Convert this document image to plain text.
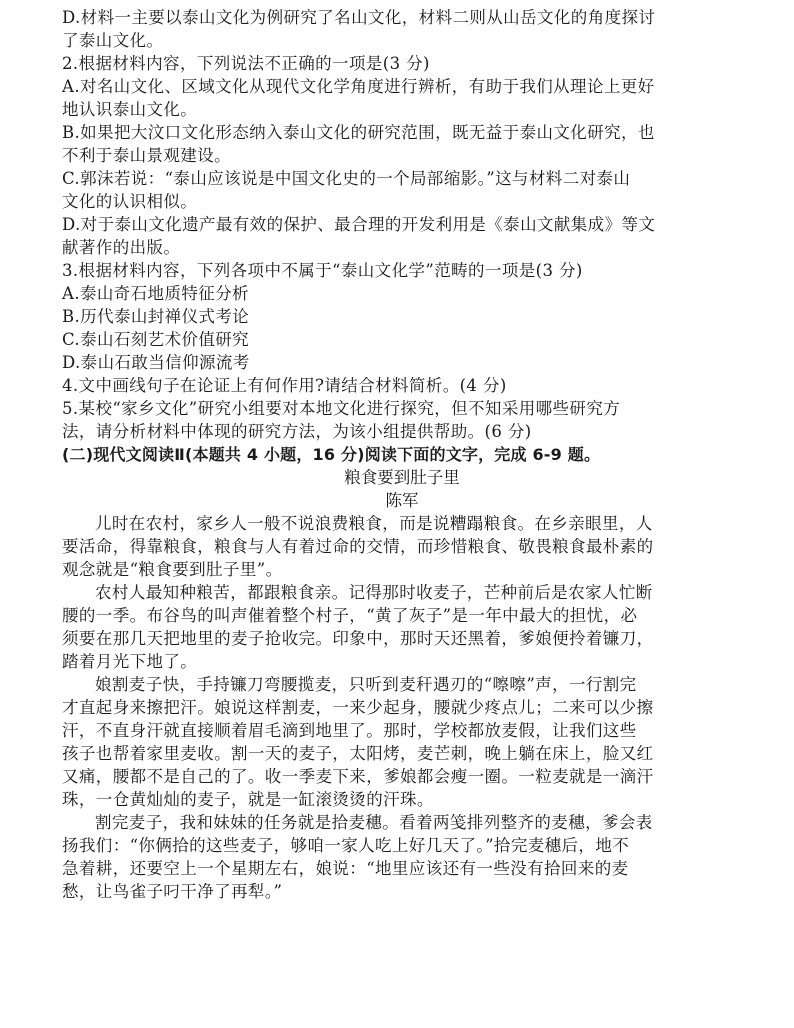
D.材料一主要以泰山文化为例研究了名山文化，材料二则从山岳文化的角度探讨
了泰山文化。
2.根据材料内容，下列说法不正确的一项是(3 分)
A.对名山文化、区域文化从现代文化学角度进行辨析，有助于我们从理论上更好
地认识泰山文化。
B.如果把大汶口文化形态纳入泰山文化的研究范围，既无益于泰山文化研究，也
不利于泰山景观建设。
C.郭沫若说：“泰山应该说是中国文化史的一个局部缩影。”这与材料二对泰山
文化的认识相似。
D.对于泰山文化遗产最有效的保护、最合理的开发利用是《泰山文献集成》等文
献著作的出版。
3.根据材料内容，下列各项中不属于“泰山文化学”范畴的一项是(3 分)
A.泰山奇石地质特征分析
B.历代泰山封禅仪式考论
C.泰山石刻艺术价值研究
D.泰山石敢当信仰源流考
4.文中画线句子在论证上有何作用?请结合材料简析。(4 分)
5.某校“家乡文化”研究小组要对本地文化进行探究，但不知采用哪些研究方
法，请分析材料中体现的研究方法，为该小组提供帮助。(6 分)
(二)现代文阅读Ⅱ(本题共 4 小题，16 分)阅读下面的文字，完成 6-9 题。
粮食要到肚子里
陈军
儿时在农村，家乡人一般不说浪费粮食，而是说糟蹋粮食。在乡亲眼里，人
要活命，得靠粮食，粮食与人有着过命的交情，而珍惜粮食、敬畏粮食最朴素的
观念就是“粮食要到肚子里”。
农村人最知种粮苦，都跟粮食亲。记得那时收麦子，芒种前后是农家人忙断
腰的一季。布谷鸟的叫声催着整个村子，“黄了灰子”是一年中最大的担忧，必
须要在那几天把地里的麦子抢收完。印象中，那时天还黑着，爹娘便拎着镰刀，
踏着月光下地了。
娘割麦子快，手持镰刀弯腰揽麦，只听到麦秆遇刃的“嚓嚓”声，一行割完
才直起身来擦把汗。娘说这样割麦，一来少起身，腰就少疼点儿；二来可以少擦
汗，不直身汗就直接顺着眉毛滴到地里了。那时，学校都放麦假，让我们这些
孩子也帮着家里麦收。割一天的麦子，太阳烤，麦芒刺，晚上躺在床上，脸又红
又痛，腰都不是自己的了。收一季麦下来，爹娘都会瘦一圈。一粒麦就是一滴汗
珠，一仓黄灿灿的麦子，就是一缸滚烫烫的汗珠。
割完麦子，我和妹妹的任务就是拾麦穗。看着两笺排列整齐的麦穗，爹会表
扬我们：“你俩拾的这些麦子，够咱一家人吃上好几天了。”拾完麦穗后，地不
急着耕，还要空上一个星期左右，娘说：“地里应该还有一些没有拾回来的麦
愁，让鸟雀子叼干净了再犁。”
